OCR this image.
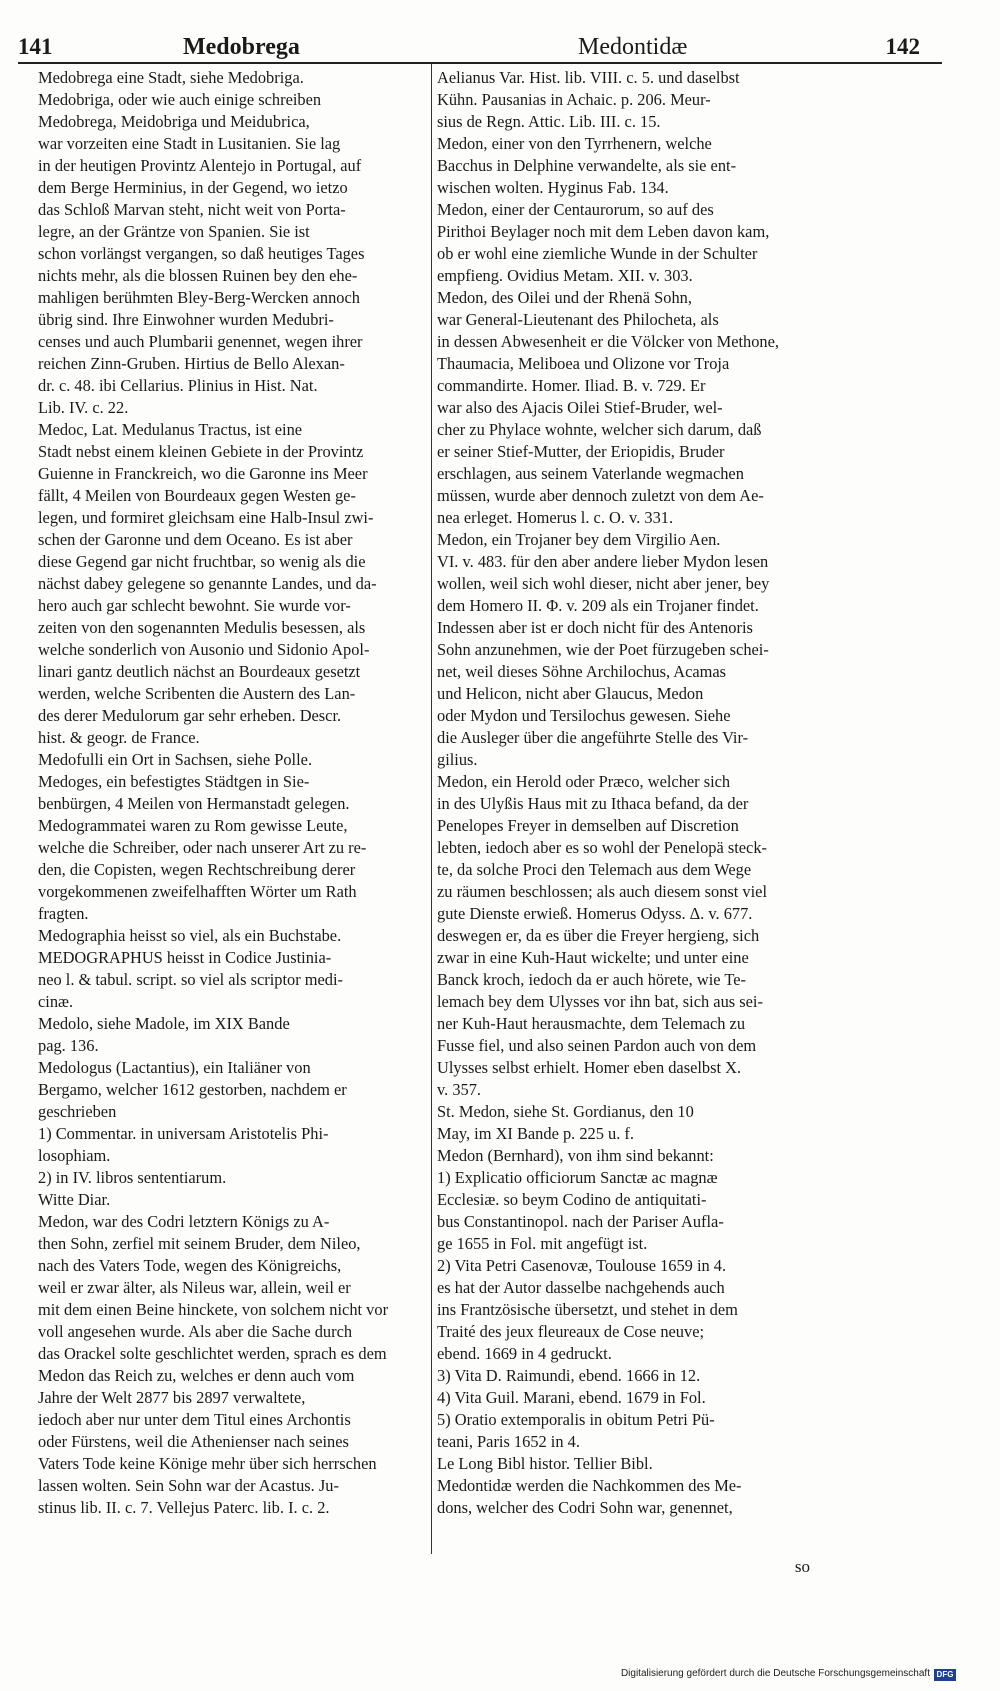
141	Medobrega	Medontidæ	142
Medobrega eine Stadt, siehe Medobriga.
Medobriga, oder wie auch einige schreiben
Medobrega, Meidobriga und Meidubrica,
war vorzeiten eine Stadt in Lusitanien. Sie lag
in der heutigen Provintz Alentejo in Portugal, auf
dem Berge Herminius, in der Gegend, wo ietzo
das Schloß Marvan steht, nicht weit von Porta-
legre, an der Gräntze von Spanien. Sie ist
schon vorlängst vergangen, so daß heutiges Tages
nichts mehr, als die blossen Ruinen bey den ehe-
mahligen berühmten Bley-Berg-Wercken annoch
übrig sind. Ihre Einwohner wurden Medubri-
censes und auch Plumbarii genennet, wegen ihrer
reichen Zinn-Gruben. Hirtius de Bello Alexan-
dr. c. 48. ibi Cellarius. Plinius in Hist. Nat.
Lib. IV. c. 22.
Medoc, Lat. Medulanus Tractus, ist eine
Stadt nebst einem kleinen Gebiete in der Provintz
Guienne in Franckreich, wo die Garonne ins Meer
fällt, 4 Meilen von Bourdeaux gegen Westen ge-
legen, und formiret gleichsam eine Halb-Insul zwi-
schen der Garonne und dem Oceano. Es ist aber
diese Gegend gar nicht fruchtbar, so wenig als die
nächst dabey gelegene so genannte Landes, und da-
hero auch gar schlecht bewohnt. Sie wurde vor-
zeiten von den sogenannten Medulis besessen, als
welche sonderlich von Ausonio und Sidonio Apol-
linari gantz deutlich nächst an Bourdeaux gesetzt
werden, welche Scribenten die Austern des Lan-
des derer Medulorum gar sehr erheben. Descr.
hist. & geogr. de France.
Medofulli ein Ort in Sachsen, siehe Polle.
Medoges, ein befestigtes Städtgen in Sie-
benbürgen, 4 Meilen von Hermanstadt gelegen.
Medogrammatei waren zu Rom gewisse Leute,
welche die Schreiber, oder nach unserer Art zu re-
den, die Copisten, wegen Rechtschreibung derer
vorgekommenen zweifelhafften Wörter um Rath
fragten.
Medographia heisst so viel, als ein Buchstabe.
MEDOGRAPHUS heisst in Codice Justinia-
neo l. & tabul. script. so viel als scriptor medi-
cinæ.
Medolo, siehe Madole, im XIX Bande
pag. 136.
Medologus (Lactantius), ein Italiäner von
Bergamo, welcher 1612 gestorben, nachdem er
geschrieben
1) Commentar. in universam Aristotelis Phi-
losophiam.
2) in IV. libros sententiarum.
Witte Diar.
Medon, war des Codri letztern Königs zu A-
then Sohn, zerfiel mit seinem Bruder, dem Nileo,
nach des Vaters Tode, wegen des Königreichs,
weil er zwar älter, als Nileus war, allein, weil er
mit dem einen Beine hinckete, von solchem nicht vor
voll angesehen wurde. Als aber die Sache durch
das Orackel solte geschlichtet werden, sprach es dem
Medon das Reich zu, welches er denn auch vom
Jahre der Welt 2877 bis 2897 verwaltete,
iedoch aber nur unter dem Titul eines Archontis
oder Fürstens, weil die Athenienser nach seines
Vaters Tode keine Könige mehr über sich herrschen
lassen wolten. Sein Sohn war der Acastus. Ju-
stinus lib. II. c. 7. Vellejus Paterc. lib. I. c. 2.
Aelianus Var. Hist. lib. VIII. c. 5. und daselbst
Kühn. Pausanias in Achaic. p. 206. Meur-
sius de Regn. Attic. Lib. III. c. 15.
Medon, einer von den Tyrrhenern, welche
Bacchus in Delphine verwandelte, als sie ent-
wischen wolten. Hyginus Fab. 134.
Medon, einer der Centaurorum, so auf des
Pirithoi Beylager noch mit dem Leben davon kam,
ob er wohl eine ziemliche Wunde in der Schulter
empfieng. Ovidius Metam. XII. v. 303.
Medon, des Oilei und der Rhenä Sohn,
war General-Lieutenant des Philocheta, als
in dessen Abwesenheit er die Völcker von Methone,
Thaumacia, Meliboea und Olizone vor Troja
commandirte. Homer. Iliad. B. v. 729. Er
war also des Ajacis Oilei Stief-Bruder, wel-
cher zu Phylace wohnte, welcher sich darum, daß
er seiner Stief-Mutter, der Eriopidis, Bruder
erschlagen, aus seinem Vaterlande wegmachen
müssen, wurde aber dennoch zuletzt von dem Ae-
nea erleget. Homerus l. c. O. v. 331.
Medon, ein Trojaner bey dem Virgilio Aen.
VI. v. 483. für den aber andere lieber Mydon lesen
wollen, weil sich wohl dieser, nicht aber jener, bey
dem Homero II. Φ. v. 209 als ein Trojaner findet.
Indessen aber ist er doch nicht für des Antenoris
Sohn anzunehmen, wie der Poet fürzugeben schei-
net, weil dieses Söhne Archilochus, Acamas
und Helicon, nicht aber Glaucus, Medon
oder Mydon und Tersilochus gewesen. Siehe
die Ausleger über die angeführte Stelle des Vir-
gilius.
Medon, ein Herold oder Præco, welcher sich
in des Ulyßis Haus mit zu Ithaca befand, da der
Penelopes Freyer in demselben auf Discretion
lebten, iedoch aber es so wohl der Penelopä steck-
te, da solche Proci den Telemach aus dem Wege
zu räumen beschlossen; als auch diesem sonst viel
gute Dienste erwieß. Homerus Odyss. Δ. v. 677.
deswegen er, da es über die Freyer hergieng, sich
zwar in eine Kuh-Haut wickelte; und unter eine
Banck kroch, iedoch da er auch hörete, wie Te-
lemach bey dem Ulysses vor ihn bat, sich aus sei-
ner Kuh-Haut herausmachte, dem Telemach zu
Fusse fiel, und also seinen Pardon auch von dem
Ulysses selbst erhielt. Homer eben daselbst X.
v. 357.
St. Medon, siehe St. Gordianus, den 10
May, im XI Bande p. 225 u. f.
Medon (Bernhard), von ihm sind bekannt:
1) Explicatio officiorum Sanctæ ac magnæ
Ecclesiæ. so beym Codino de antiquitati-
bus Constantinopol. nach der Pariser Aufla-
ge 1655 in Fol. mit angefügt ist.
2) Vita Petri Casenovæ, Toulouse 1659 in 4.
es hat der Autor dasselbe nachgehends auch
ins Frantzösische übersetzt, und stehet in dem
Traité des jeux fleureaux de Cose neuve;
ebend. 1669 in 4 gedruckt.
3) Vita D. Raimundi, ebend. 1666 in 12.
4) Vita Guil. Marani, ebend. 1679 in Fol.
5) Oratio extemporalis in obitum Petri Pü-
teani, Paris 1652 in 4.
Le Long Bibl histor. Tellier Bibl.
Medontidæ werden die Nachkommen des Me-
dons, welcher des Codri Sohn war, genennet,
so
Digitalisierung gefördert durch die Deutsche Forschungsgemeinschaft DFG
